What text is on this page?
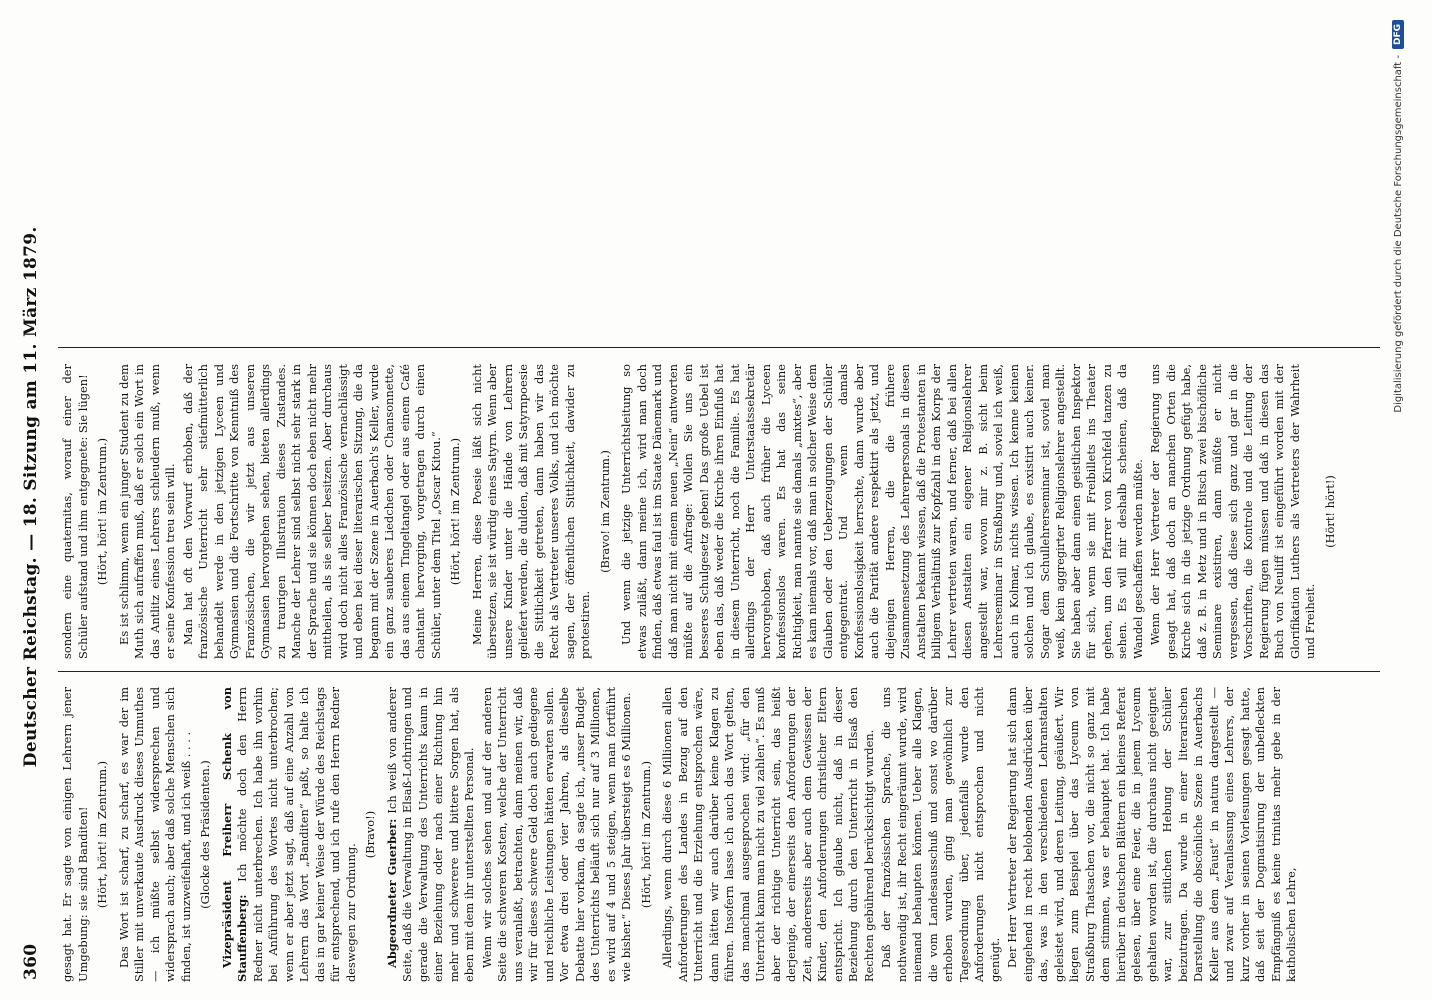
360
Deutscher Reichstag. — 18. Sitzung am 11. März 1879.

gesagt hat. Er sagte von einigen Lehrern jener Umgebung: sie sind Banditen! (Hört, hört! im Zentrum.) Das Wort ist scharf, zu scharf, es war der im Stiller mit unverkaute Ausdruck dieses Unmuthes — ich müßte selbst widersprechen und widersprach auch; aber daß solche Menschen sich finden, ist unzweifelhaft, und ich weiß . . . . (Glocke des Präsidenten.) Vizepräsident Freiherr Schenk von Stauffenberg: Ich möchte doch den Herrn Redner nicht unterbrechen. Ich habe ihn vorhin bei Anführung des Wortes nicht unterbrochen; wenn er aber jetzt sagt, daß auf eine Anzahl von Lehrern das Wort „Banditen“ paßt, so halte ich das in gar keiner Weise der Würde des Reichstags für entsprechend, und ich rufe den Herrn Redner deswegen zur Ordnung.

(Bravo!) Abgeordneter Guerber: Ich weiß von anderer Seite, daß die Verwaltung in Elsaß-Lothringen und gerade die Verwaltung des Unterrichts kaum in einer Beziehung oder nach einer Richtung hin mehr und schwerere und bittere Sorgen hat, als eben mit dem ihr unterstellten Personal. Wenn wir solches sehen und auf der anderen Seite die schweren Kosten, welche der Unterricht uns veranlaßt, betrachten, dann meinen wir, daß wir für dieses schwere Geld doch auch gediegene und reichliche Leistungen hätten erwarten sollen. Vor etwa drei oder vier Jahren, als dieselbe Debatte hier vorkam, da sagte ich, „unser Budget des Unterrichts beläuft sich nur auf 3 Millionen, es wird auf 4 und 5 steigen, wenn man fortführt wie bisher.“ Dieses Jahr übersteigt es 6 Millionen. (Hört, hört! im Zentrum.) Allerdings, wenn durch diese 6 Millionen allen Anforderungen des Landes in Bezug auf den Unterricht und die Erziehung entsprochen wäre, dann hätten wir auch darüber keine Klagen zu führen. Insofern lasse ich auch das Wort gelten, das manchmal ausgesprochen wird: „für den Unterricht kann man nicht zu viel zahlen“. Es muß aber der richtige Unterricht sein, das heißt derjenige, der einerseits den Anforderungen der Zeit, andererseits aber auch dem Gewissen der Kinder, den Anforderungen christlicher Eltern entspricht. Ich glaube nicht, daß in dieser Beziehung durch den Unterricht in Elsaß den Rechten gebührend berücksichtigt wurden. Daß der französischen Sprache, die uns nothwendig ist, ihr Recht eingeräumt wurde, wird niemand behaupten können. Ueber alle Klagen, die vom Landesausschuß und sonst wo darüber erhoben wurden, ging man gewöhnlich zur Tagesordnung über, jedenfalls wurde den Anforderungen nicht entsprochen und nicht genügt. Der Herr Vertreter der Regierung hat sich dann eingehend in recht belobenden Ausdrücken über das, was in den verschiedenen Lehranstalten geleistet wird, und deren Leitung, geäußert. Wir liegen zum Beispiel über das Lyceum von Straßburg Thatsachen vor, die nicht so ganz mit dem stimmen, was er behauptet hat. Ich habe hierüber in deutschen Blättern ein kleines Referat gelesen, über eine Feier, die in jenem Lyceum gehalten worden ist, die durchaus nicht geeignet war, zur sittlichen Hebung der Schüler beizutragen. Da wurde in einer literarischen Darstellung die obscönliche Szene in Auerbachs Keller aus dem „Faust“ in natura dargestellt — und zwar auf Veranlassung eines Lehrers, der kurz vorher in seinen Vorlesungen gesagt hatte, daß seit der Dogmatisirung der unbefleckten Empfängniß es keine trinitas mehr gebe in der katholischen Lehre,

sondern eine quaternitas, worauf einer der Schüler aufstand und ihm entgegnete: Sie lügen! (Hört, hört! im Zentrum.) Es ist schlimm, wenn ein junger Student zu dem Muth sich aufraffen muß, daß er solch ein Wort in das Antlitz eines Lehrers schleudern muß, wenn er seine Konfession treu sein will. Man hat oft den Vorwurf erhoben, daß der französische Unterricht sehr stiefmütterlich behandelt werde in den jetzigen Lyceen und Gymnasien und die Fortschritte von Kenntniß des Französischen, die wir jetzt aus unseren Gymnasien hervorgehen sehen, bieten allerdings zu traurigen Illustration dieses Zustandes. Manche der Lehrer sind selbst nicht sehr stark in der Sprache und sie können doch eben nicht mehr mittheilen, als sie selber besitzen. Aber durchaus wird doch nicht alles Französische vernachlässigt und eben bei dieser literarischen Sitzung, die da begann mit der Szene in Auerbach's Keller, wurde ein ganz sauberes Liedchen oder Chansonnette, das aus einem Tingeltangel oder aus einem Café chantant hervorging, vorgetragen durch einen Schüler, unter dem Titel „Oscar Kitou.“ (Hört, hört! im Zentrum.) Meine Herren, diese Poesie läßt sich nicht übersetzen, sie ist würdig eines Satyrn. Wenn aber unsere Kinder unter die Hände von Lehrern geliefert werden, die dulden, daß mit Satyrnpoesie die Sittlichkeit getreten, dann haben wir das Recht als Vertreter unseres Volks, und ich möchte sagen, der öffentlichen Sittlichkeit, dawider zu protestiren.

(Bravo! im Zentrum.) Und wenn die jetzige Unterrichtsleitung so etwas zuläßt, dann meine ich, wird man doch finden, daß etwas faul ist im Staate Dänemark und daß man nicht mit einem neuen „Nein“ antworten müßte auf die Anfrage: Wollen Sie uns ein besseres Schulgesetz geben! Das große Uebel ist eben das, daß weder die Kirche ihren Einfluß hat in diesem Unterricht, noch die Familie. Es hat allerdings der Herr Unterstaatssekretär hervorgehoben, daß auch früher die Lyceen konfessionslos waren. Es hat das seine Richtigkeit, man nannte sie damals „mixtes“, aber es kam niemals vor, daß man in solcher Weise dem Glauben oder den Ueberzeugungen der Schüler entgegentrat. Und wenn damals Konfessionslosigkeit herrschte, dann wurde aber auch die Parität andere respektirt als jetzt, und diejenigen Herren, die die frühere Zusammensetzung des Lehrerpersonals in diesen Anstalten bekannt wissen, daß die Protestanten in billigem Verhältniß zur Kopfzahl in dem Korps der Lehrer vertreten waren, und ferner, daß bei allen diesen Anstalten ein eigener Religionslehrer angestellt war, wovon mir z. B. sicht beim Lehrerseminar in Straßburg und, soviel ich weiß, auch in Kolmar, nichts wissen. Ich kenne keinen solchen und ich glaube, es existirt auch keiner. Sogar dem Schullehrerseminar ist, soviel man weiß, kein aggregirter Religionslehrer angestellt. Sie haben aber dann einen geistlichen Inspektor für sich, wenn sie mit Freibillets ins Theater gehen, um den Pfarrer von Kirchfeld tanzen zu sehen. Es will mir deshalb scheinen, daß da Wandel geschaffen werden müßte. Wenn der Herr Vertreter der Regierung uns gesagt hat, daß doch an manchen Orten die Kirche sich in die jetzige Ordnung gefügt habe, daß z. B. in Metz und in Bitsch zwei bischöfliche Seminare existiren, dann müßte er nicht vergessen, daß diese sich ganz und gar in die Vorschriften, die Kontrole und die Leitung der Regierung fügen müssen und daß in diesen das Buch von Neuliff ist eingeführt worden mit der Glorifikation Luthers als Vertreters der Wahrheit und Freiheit.

(Hört! hört!)

Digitalisierung gefördert durch die Deutsche Forschungsgemeinschaft -
DFG
